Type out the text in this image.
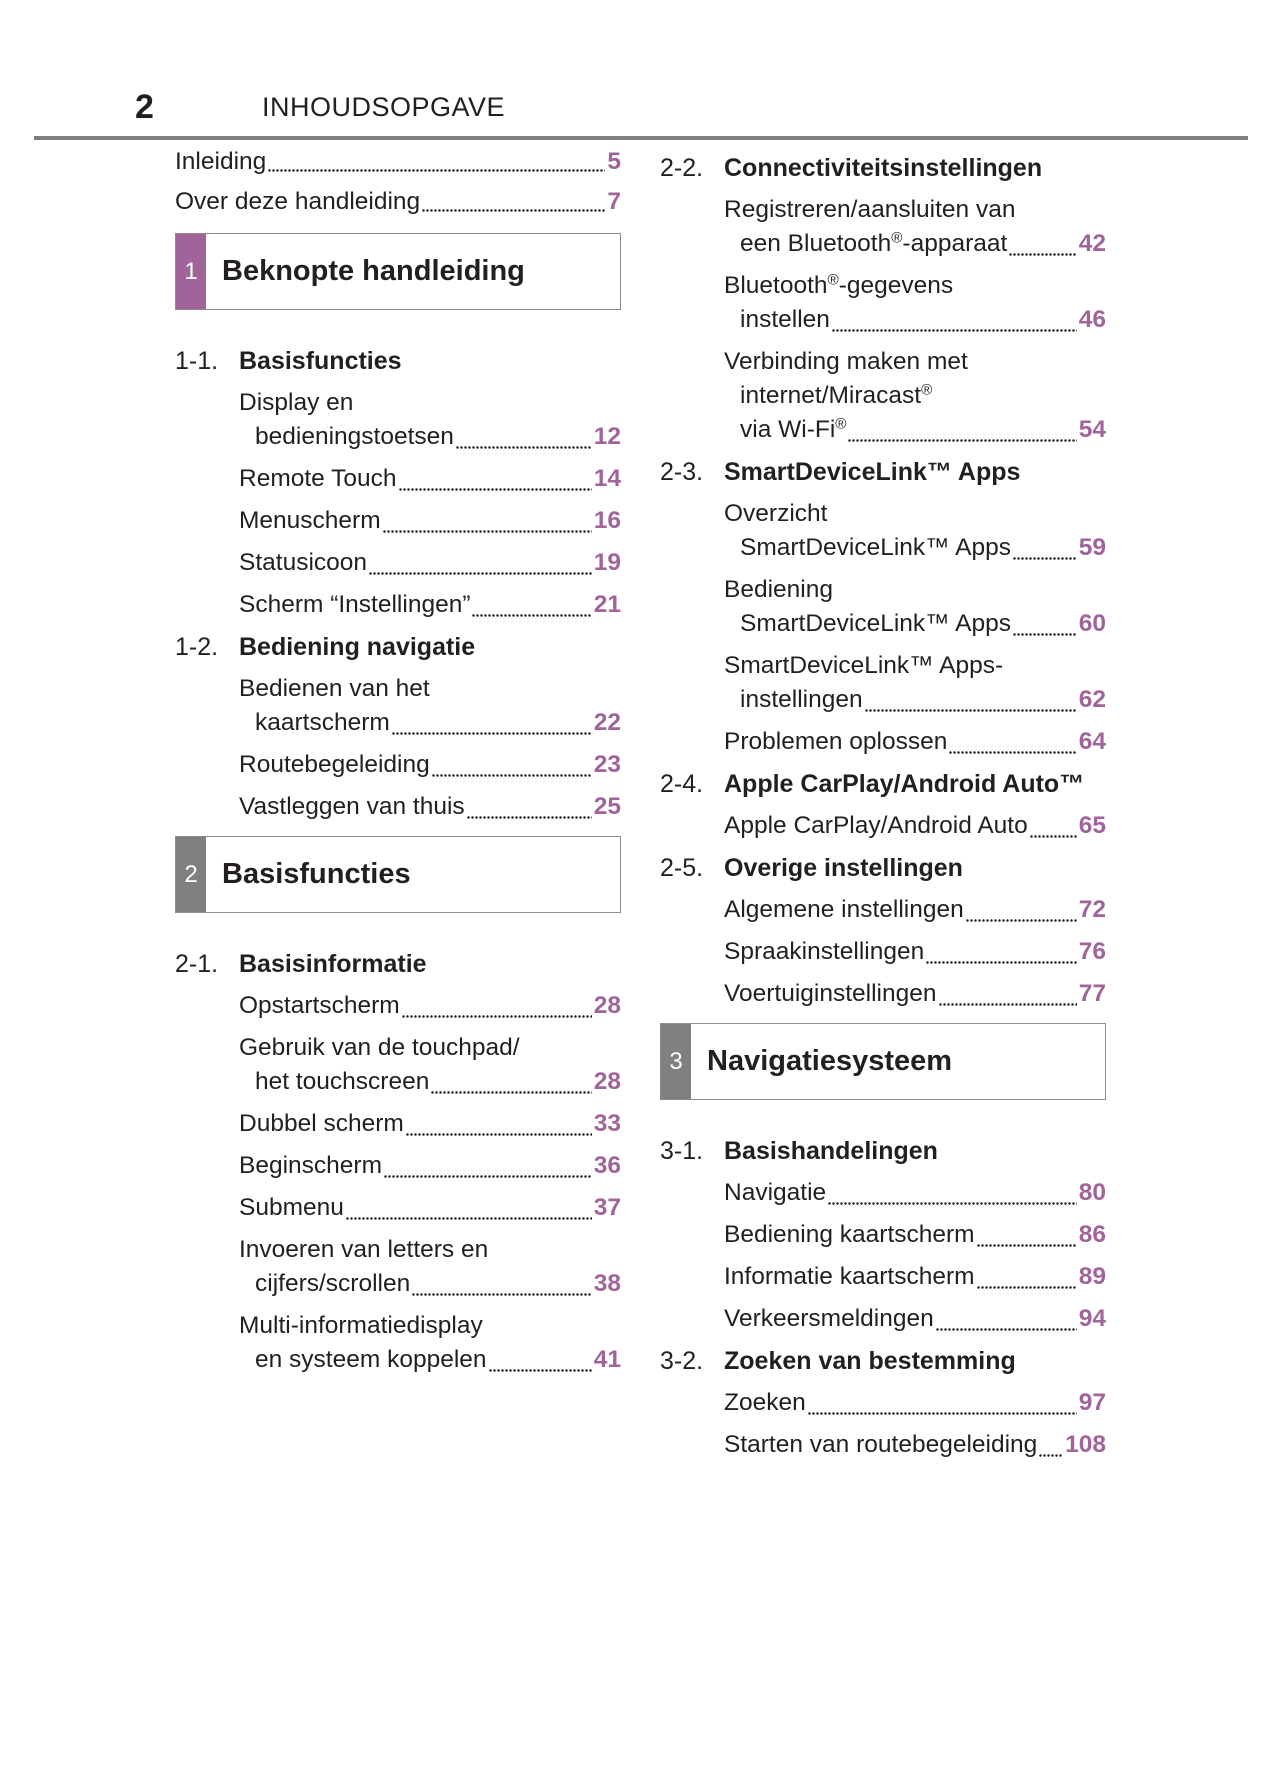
2	INHOUDSOPGAVE
Inleiding	5
Over deze handleiding	7
1 Beknopte handleiding
1-1. Basisfuncties
Display en
bedieningstoetsen	12
Remote Touch	14
Menuscherm	16
Statusicoon	19
Scherm “Instellingen”	21
1-2. Bediening navigatie
Bedienen van het
kaartscherm	22
Routebegeleiding	23
Vastleggen van thuis	25
2 Basisfuncties
2-1. Basisinformatie
Opstartscherm	28
Gebruik van de touchpad/
het touchscreen	28
Dubbel scherm	33
Beginscherm	36
Submenu	37
Invoeren van letters en
cijfers/scrollen	38
Multi-informatiedisplay
en systeem koppelen	41
2-2. Connectiviteitsinstellingen
Registreren/aansluiten van
een Bluetooth®-apparaat	42
Bluetooth®-gegevens
instellen	46
Verbinding maken met
internet/Miracast®
via Wi-Fi®	54
2-3. SmartDeviceLink™ Apps
Overzicht
SmartDeviceLink™ Apps	59
Bediening
SmartDeviceLink™ Apps	60
SmartDeviceLink™ Apps-
instellingen	62
Problemen oplossen	64
2-4. Apple CarPlay/Android Auto™
Apple CarPlay/Android Auto 65
2-5. Overige instellingen
Algemene instellingen	72
Spraakinstellingen	76
Voertuiginstellingen	77
3 Navigatiesysteem
3-1. Basishandelingen
Navigatie	80
Bediening kaartscherm	86
Informatie kaartscherm	89
Verkeersmeldingen	94
3-2. Zoeken van bestemming
Zoeken	97
Starten van routebegeleiding 108
